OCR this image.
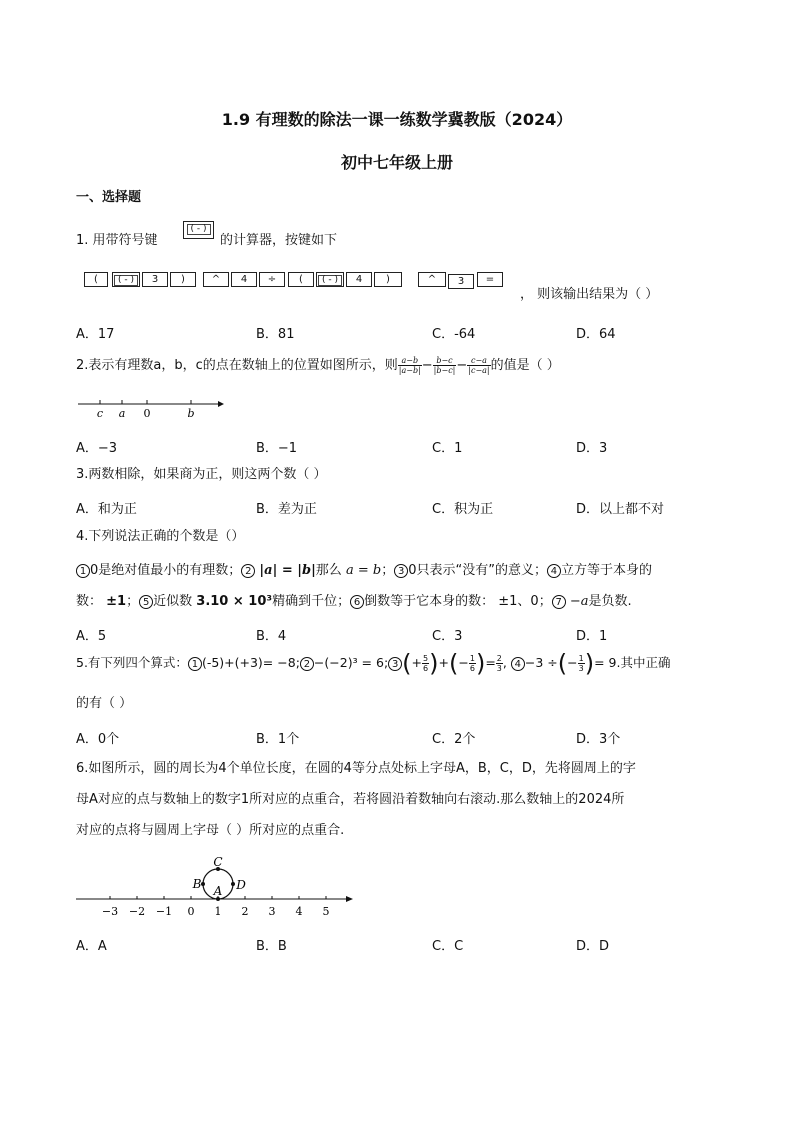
1.9 有理数的除法一课一练数学冀教版（2024）
初中七年级上册
一、选择题
1. 用带符号键
( - )
的计算器，按键如下
(	( - )	3	)	^	4	÷	(	( - )	4	)	^	3	=
， 则该输出结果为（ ）
A．17	B．81	C．-64	D．64
2.表示有理数a，b，c的点在数轴上的位置如图所示，则 $\frac{a-b}{|a-b|} - \frac{b-c}{|b-c|} - \frac{c-a}{|c-a|}$ 的值是（ ）
c a 0	b
A．−3	B．−1	C．1	D．3
3.两数相除，如果商为正，则这两个数（ ）
A．和为正	B．差为正	C．积为正	D．以上都不对
4.下列说法正确的个数是（）
1 0是绝对值最小的有理数； 2 |a| = |b|那么 a = b； 3 0只表示“没有”的意义； 4 立方等于本身的
数： ±1； 5 近似数 3.10 × 10³精确到千位； 6 倒数等于它本身的数： ±1、0； 7 −a是负数.
A．5	B．4	C．3	D．1
5.有下列四个算式： 1 (-5)+(+3)= −8; 2 −(−2)³ = 6; 3 (+ $\frac{5}{6}$ )+(− $\frac{1}{6}$ )= $\frac{2}{3}$ , 4 −3 ÷(− $\frac{1}{3}$ )= 9.其中正确
的有（ ）
A．0个	B．1个	C．2个	D．3个
6.如图所示，圆的周长为4个单位长度，在圆的4等分点处标上字母A，B，C，D，先将圆周上的字
母A对应的点与数轴上的数字1所对应的点重合，若将圆沿着数轴向右滚动.那么数轴上的2024所
对应的点将与圆周上字母（ ）所对应的点重合.
−3 −2 −1 0 1 2 3 4 5
C
B A D
A．A	B．B	C．C	D．D
